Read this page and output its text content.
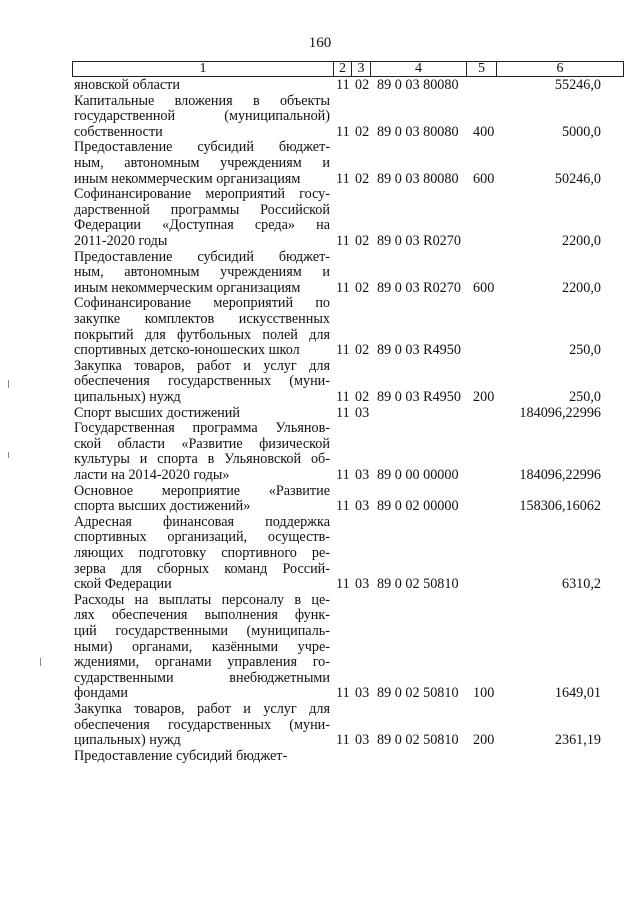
160
1	2 3	4	5	6
яновской области	11 02 89 0 03 80080	55246,0
Капитальные вложения в объекты
государственной (муниципальной)
собственности	11 02 89 0 03 80080 400	5000,0
Предоставление субсидий бюджет-
ным, автономным учреждениям и
иным некоммерческим организациям	11 02 89 0 03 80080 600	50246,0
Софинансирование мероприятий госу-
дарственной программы Российской
Федерации «Доступная среда» на
2011-2020 годы	11 02 89 0 03 R0270	2200,0
Предоставление субсидий бюджет-
ным, автономным учреждениям и
иным некоммерческим организациям	11 02 89 0 03 R0270 600	2200,0
Софинансирование мероприятий по
закупке комплектов искусственных
покрытий для футбольных полей для
спортивных детско-юношеских школ	11 02 89 0 03 R4950	250,0
Закупка товаров, работ и услуг для
обеспечения государственных (муни-
ципальных) нужд	11 02 89 0 03 R4950 200	250,0
Спорт высших достижений	11 03	184096,22996
Государственная программа Ульянов-
ской области «Развитие физической
культуры и спорта в Ульяновской об-
ласти на 2014-2020 годы»	11 03 89 0 00 00000	184096,22996
Основное мероприятие «Развитие
спорта высших достижений»	11 03 89 0 02 00000	158306,16062
Адресная финансовая поддержка
спортивных организаций, осуществ-
ляющих подготовку спортивного ре-
зерва для сборных команд Россий-
ской Федерации	11 03 89 0 02 50810	6310,2
Расходы на выплаты персоналу в це-
лях обеспечения выполнения функ-
ций государственными (муниципаль-
ными) органами, казёнными учре-
ждениями, органами управления го-
сударственными внебюджетными
фондами	11 03 89 0 02 50810 100	1649,01
Закупка товаров, работ и услуг для
обеспечения государственных (муни-
ципальных) нужд	11 03 89 0 02 50810 200	2361,19
Предоставление субсидий бюджет-
